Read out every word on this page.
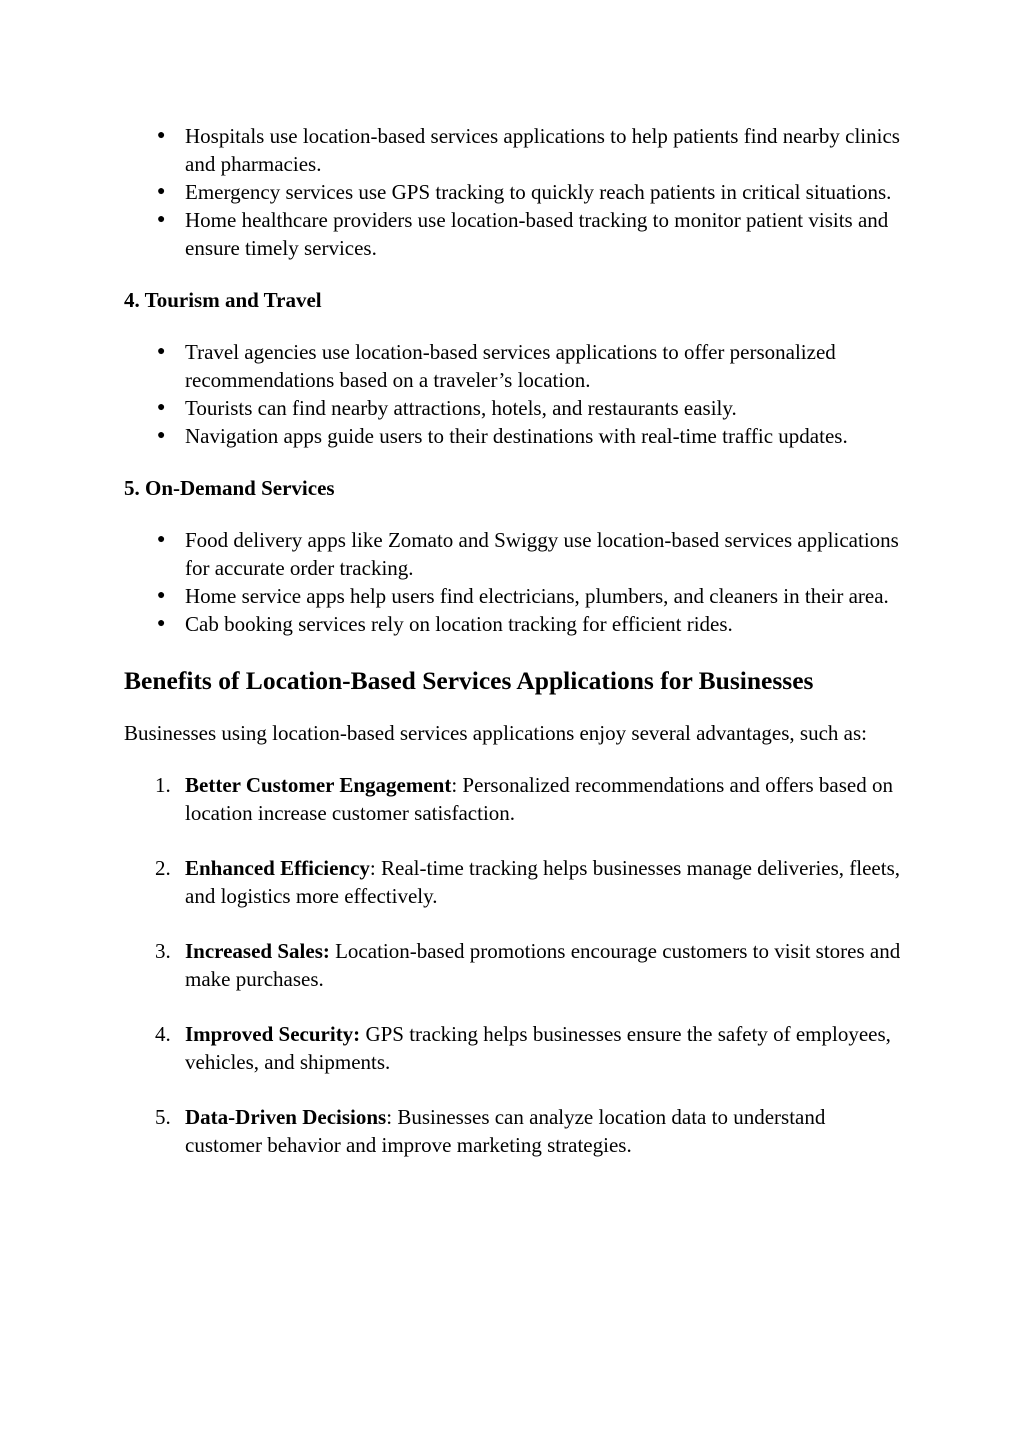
● Hospitals use location-based services applications to help patients find nearby clinics and pharmacies.
● Emergency services use GPS tracking to quickly reach patients in critical situations.
● Home healthcare providers use location-based tracking to monitor patient visits and ensure timely services.
4. Tourism and Travel
● Travel agencies use location-based services applications to offer personalized recommendations based on a traveler’s location.
● Tourists can find nearby attractions, hotels, and restaurants easily.
● Navigation apps guide users to their destinations with real-time traffic updates.
5. On-Demand Services
● Food delivery apps like Zomato and Swiggy use location-based services applications for accurate order tracking.
● Home service apps help users find electricians, plumbers, and cleaners in their area.
● Cab booking services rely on location tracking for efficient rides.
Benefits of Location-Based Services Applications for Businesses

Businesses using location-based services applications enjoy several advantages, such as:

1. Better Customer Engagement: Personalized recommendations and offers based on location increase customer satisfaction.
2. Enhanced Efficiency: Real-time tracking helps businesses manage deliveries, fleets, and logistics more effectively.
3. Increased Sales: Location-based promotions encourage customers to visit stores and make purchases.
4. Improved Security: GPS tracking helps businesses ensure the safety of employees, vehicles, and shipments.
5. Data-Driven Decisions: Businesses can analyze location data to understand customer behavior and improve marketing strategies.
